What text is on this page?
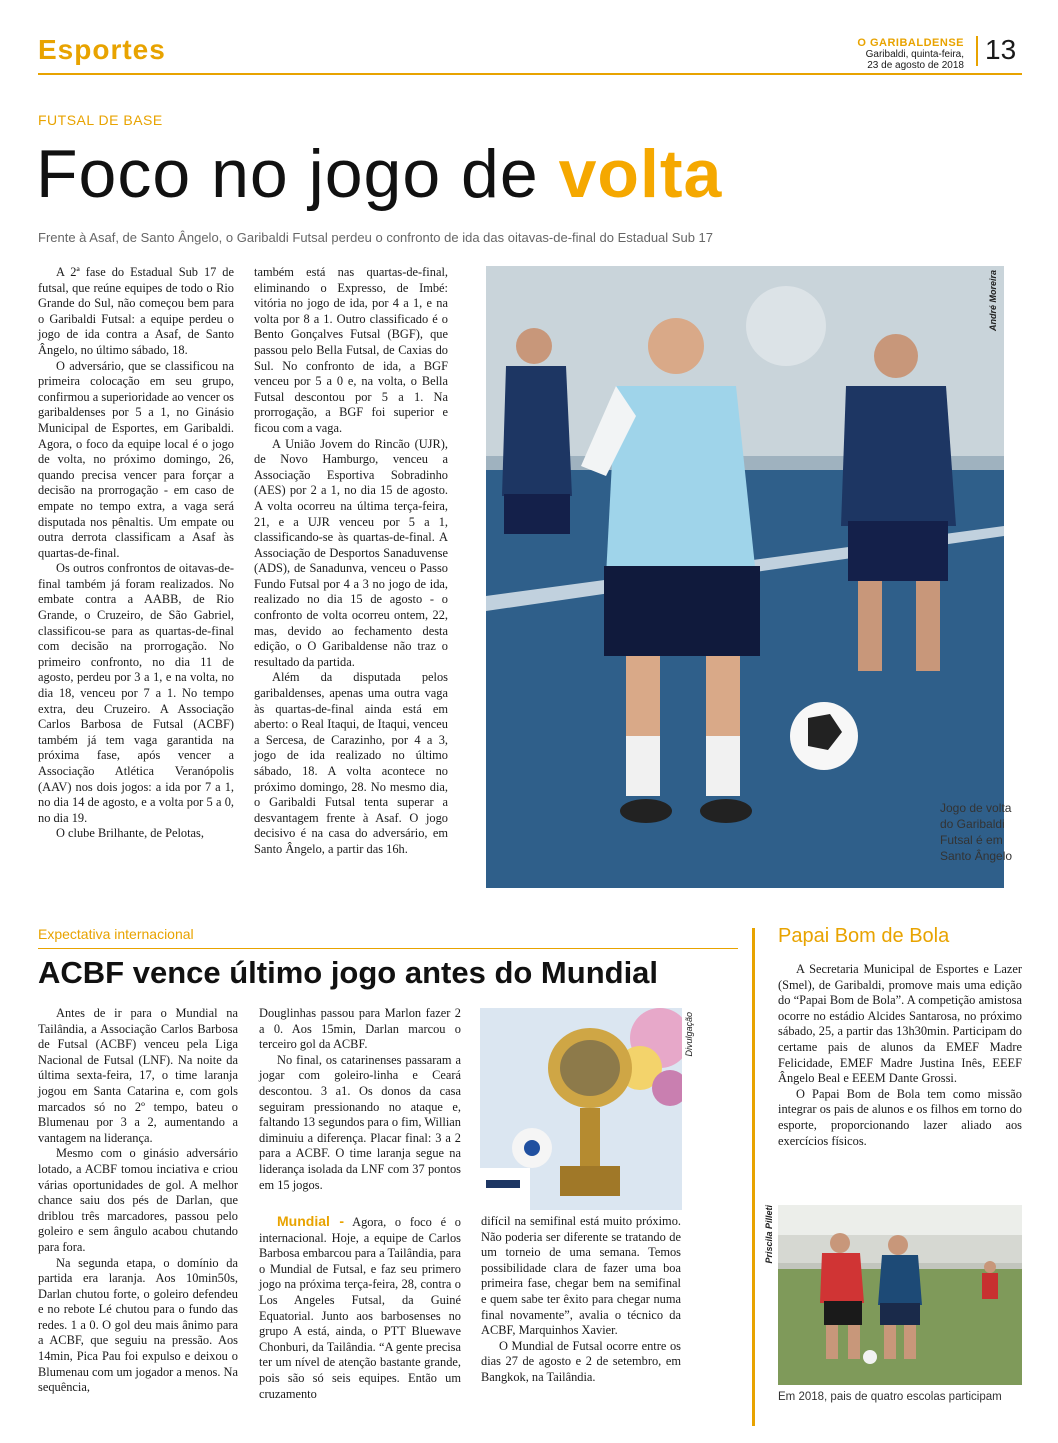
Esportes	O GARIBALDENSE
Garibaldi, quinta-feira,
23 de agosto de 2018
13
FUTSAL DE BASE
Foco no jogo de volta
Frente à Asaf, de Santo Ângelo, o Garibaldi Futsal perdeu o confronto de ida das oitavas-de-final do Estadual Sub 17

A 2ª fase do Estadual Sub 17 de futsal, que reúne equipes de todo o Rio Grande do Sul, não começou bem para o Garibaldi Futsal: a equipe perdeu o jogo de ida contra a Asaf, de Santo Ângelo, no último sábado, 18.

O adversário, que se classificou na primeira colocação em seu grupo, confirmou a superioridade ao vencer os garibaldenses por 5 a 1, no Ginásio Municipal de Esportes, em Garibaldi. Agora, o foco da equipe local é o jogo de volta, no próximo domingo, 26, quando precisa vencer para forçar a decisão na prorrogação - em caso de empate no tempo extra, a vaga será disputada nos pênaltis. Um empate ou outra derrota classificam a Asaf às quartas-de-final.

Os outros confrontos de oitavas-de-final também já foram realizados. No embate contra a AABB, de Rio Grande, o Cruzeiro, de São Gabriel, classificou-se para as quartas-de-final com decisão na prorrogação. No primeiro confronto, no dia 11 de agosto, perdeu por 3 a 1, e na volta, no dia 18, venceu por 7 a 1. No tempo extra, deu Cruzeiro. A Associação Carlos Barbosa de Futsal (ACBF) também já tem vaga garantida na próxima fase, após vencer a Associação Atlética Veranópolis (AAV) nos dois jogos: a ida por 7 a 1, no dia 14 de agosto, e a volta por 5 a 0, no dia 19.

O clube Brilhante, de Pelotas,

também está nas quartas-de-final, eliminando o Expresso, de Imbé: vitória no jogo de ida, por 4 a 1, e na volta por 8 a 1. Outro classificado é o Bento Gonçalves Futsal (BGF), que passou pelo Bella Futsal, de Caxias do Sul. No confronto de ida, a BGF venceu por 5 a 0 e, na volta, o Bella Futsal descontou por 5 a 1. Na prorrogação, a BGF foi superior e ficou com a vaga.

A União Jovem do Rincão (UJR), de Novo Hamburgo, venceu a Associação Esportiva Sobradinho (AES) por 2 a 1, no dia 15 de agosto. A volta ocorreu na última terça-feira, 21, e a UJR venceu por 5 a 1, classificando-se às quartas-de-final. A Associação de Desportos Sanaduvense (ADS), de Sanadunva, venceu o Passo Fundo Futsal por 4 a 3 no jogo de ida, realizado no dia 15 de agosto - o confronto de volta ocorreu ontem, 22, mas, devido ao fechamento desta edição, o O Garibaldense não traz o resultado da partida.

Além da disputada pelos garibaldenses, apenas uma outra vaga às quartas-de-final ainda está em aberto: o Real Itaqui, de Itaqui, venceu a Sercesa, de Carazinho, por 4 a 3, jogo de ida realizado no último sábado, 18. A volta acontece no próximo domingo, 28. No mesmo dia, o Garibaldi Futsal tenta superar a desvantagem frente à Asaf. O jogo decisivo é na casa do adversário, em Santo Ângelo, a partir das 16h.

André Moreira
Jogo de volta do Garibaldi Futsal é em Santo Ângelo
Expectativa internacional
ACBF vence último jogo antes do Mundial

Antes de ir para o Mundial na Tailândia, a Associação Carlos Barbosa de Futsal (ACBF) venceu pela Liga Nacional de Futsal (LNF). Na noite da última sexta-feira, 17, o time laranja jogou em Santa Catarina e, com gols marcados só no 2º tempo, bateu o Blumenau por 3 a 2, aumentando a vantagem na liderança.

Mesmo com o ginásio adversário lotado, a ACBF tomou inciativa e criou várias oportunidades de gol. A melhor chance saiu dos pés de Darlan, que driblou três marcadores, passou pelo goleiro e sem ângulo acabou chutando para fora.

Na segunda etapa, o domínio da partida era laranja. Aos 10min50s, Darlan chutou forte, o goleiro defendeu e no rebote Lé chutou para o fundo das redes. 1 a 0. O gol deu mais ânimo para a ACBF, que seguiu na pressão. Aos 14min, Pica Pau foi expulso e deixou o Blumenau com um jogador a menos. Na sequência,

Douglinhas passou para Marlon fazer 2 a 0. Aos 15min, Darlan marcou o terceiro gol da ACBF.

No final, os catarinenses passaram a jogar com goleiro-linha e Ceará descontou. 3 a1. Os donos da casa seguiram pressionando no ataque e, faltando 13 segundos para o fim, Willian diminuiu a diferença. Placar final: 3 a 2 para a ACBF. O time laranja segue na liderança isolada da LNF com 37 pontos em 15 jogos.

Divulgação

Mundial - Agora, o foco é o internacional. Hoje, a equipe de Carlos Barbosa embarcou para a Tailândia, para o Mundial de Futsal, e faz seu primero jogo na próxima terça-feira, 28, contra o Los Angeles Futsal, da Guiné Equatorial. Junto aos barbosenses no grupo A está, ainda, o PTT Bluewave Chonburi, da Tailândia. “A gente precisa ter um nível de atenção bastante grande, pois são só seis equipes. Então um cruzamento

difícil na semifinal está muito próximo. Não poderia ser diferente se tratando de um torneio de uma semana. Temos possibilidade clara de fazer uma boa primeira fase, chegar bem na semifinal e quem sabe ter êxito para chegar numa final novamente”, avalia o técnico da ACBF, Marquinhos Xavier.

O Mundial de Futsal ocorre entre os dias 27 de agosto e 2 de setembro, em Bangkok, na Tailândia.

Papai Bom de Bola

A Secretaria Municipal de Esportes e Lazer (Smel), de Garibaldi, promove mais uma edição do “Papai Bom de Bola”. A competição amistosa ocorre no estádio Alcides Santarosa, no próximo sábado, 25, a partir das 13h30min. Participam do certame pais de alunos da EMEF Madre Felicidade, EMEF Madre Justina Inês, EEEF Ângelo Beal e EEEM Dante Grossi.

O Papai Bom de Bola tem como missão integrar os pais de alunos e os filhos em torno do esporte, proporcionando lazer aliado aos exercícios físicos.

Priscila Pilleti
Em 2018, pais de quatro escolas participam
